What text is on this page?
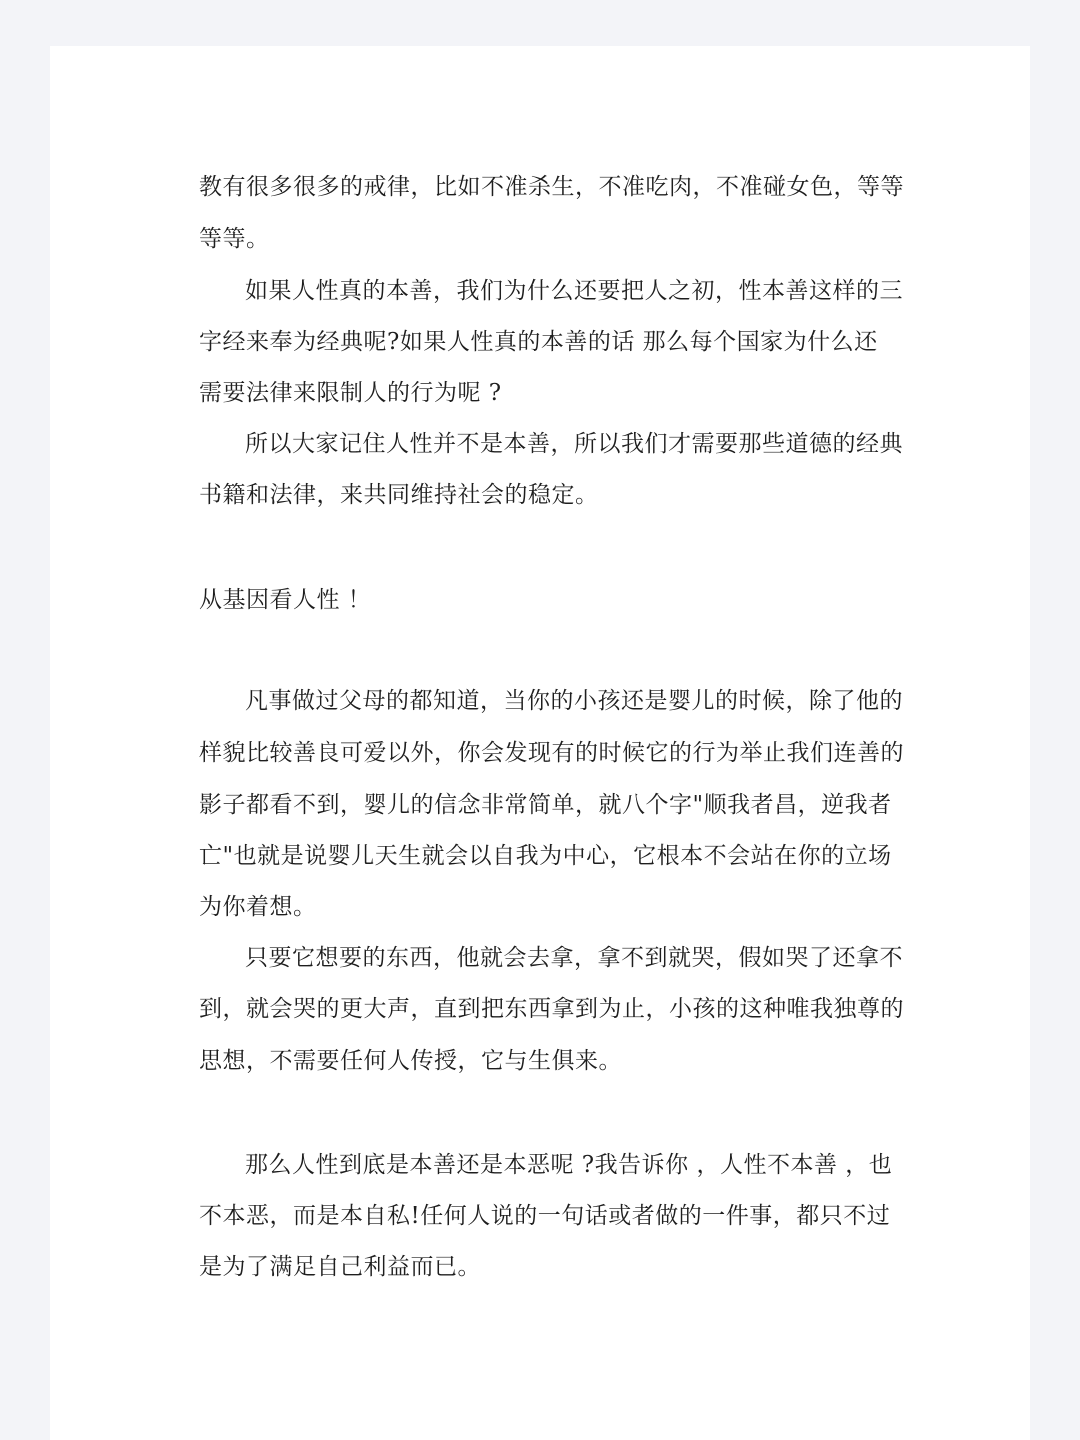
教有很多很多的戒律，比如不准杀生，不准吃肉，不准碰女色，等等
等等。
如果人性真的本善，我们为什么还要把人之初，性本善这样的三
字经来奉为经典呢?如果人性真的本善的话 那么每个国家为什么还
需要法律来限制人的行为呢 ?
所以大家记住人性并不是本善，所以我们才需要那些道德的经典
书籍和法律，来共同维持社会的稳定。
从基因看人性 ！
凡事做过父母的都知道，当你的小孩还是婴儿的时候，除了他的
样貌比较善良可爱以外，你会发现有的时候它的行为举止我们连善的
影子都看不到，婴儿的信念非常简单，就八个字"顺我者昌，逆我者
亡"也就是说婴儿天生就会以自我为中心，它根本不会站在你的立场
为你着想。
只要它想要的东西，他就会去拿，拿不到就哭，假如哭了还拿不
到，就会哭的更大声，直到把东西拿到为止，小孩的这种唯我独尊的
思想，不需要任何人传授，它与生俱来。
那么人性到底是本善还是本恶呢 ?我告诉你 ，人性不本善 ，也
不本恶，而是本自私!任何人说的一句话或者做的一件事，都只不过
是为了满足自己利益而已。
